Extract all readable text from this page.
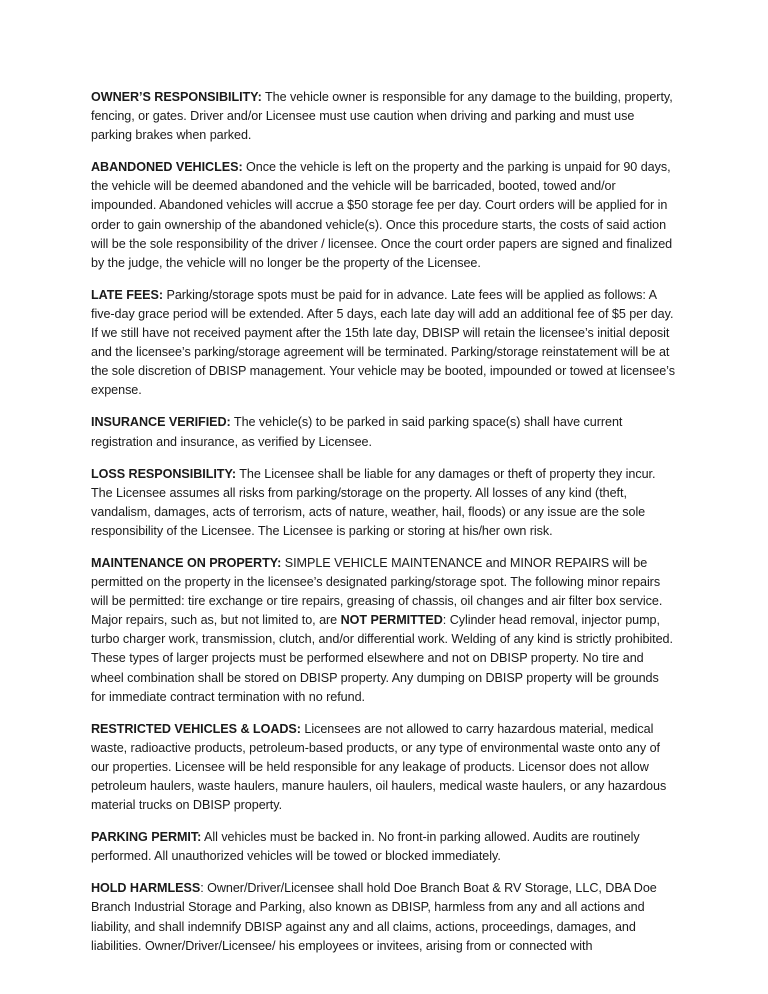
OWNER’S RESPONSIBILITY: The vehicle owner is responsible for any damage to the building, property, fencing, or gates. Driver and/or Licensee must use caution when driving and parking and must use parking brakes when parked.

ABANDONED VEHICLES: Once the vehicle is left on the property and the parking is unpaid for 90 days, the vehicle will be deemed abandoned and the vehicle will be barricaded, booted, towed and/or impounded. Abandoned vehicles will accrue a $50 storage fee per day. Court orders will be applied for in order to gain ownership of the abandoned vehicle(s). Once this procedure starts, the costs of said action will be the sole responsibility of the driver / licensee. Once the court order papers are signed and finalized by the judge, the vehicle will no longer be the property of the Licensee.

LATE FEES: Parking/storage spots must be paid for in advance. Late fees will be applied as follows: A five-day grace period will be extended. After 5 days, each late day will add an additional fee of $5 per day. If we still have not received payment after the 15th late day, DBISP will retain the licensee’s initial deposit and the licensee’s parking/storage agreement will be terminated. Parking/storage reinstatement will be at the sole discretion of DBISP management. Your vehicle may be booted, impounded or towed at licensee’s expense.

INSURANCE VERIFIED: The vehicle(s) to be parked in said parking space(s) shall have current registration and insurance, as verified by Licensee.

LOSS RESPONSIBILITY: The Licensee shall be liable for any damages or theft of property they incur. The Licensee assumes all risks from parking/storage on the property. All losses of any kind (theft, vandalism, damages, acts of terrorism, acts of nature, weather, hail, floods) or any issue are the sole responsibility of the Licensee. The Licensee is parking or storing at his/her own risk.

MAINTENANCE ON PROPERTY: SIMPLE VEHICLE MAINTENANCE and MINOR REPAIRS will be permitted on the property in the licensee’s designated parking/storage spot. The following minor repairs will be permitted: tire exchange or tire repairs, greasing of chassis, oil changes and air filter box service. Major repairs, such as, but not limited to, are NOT PERMITTED: Cylinder head removal, injector pump, turbo charger work, transmission, clutch, and/or differential work. Welding of any kind is strictly prohibited. These types of larger projects must be performed elsewhere and not on DBISP property. No tire and wheel combination shall be stored on DBISP property. Any dumping on DBISP property will be grounds for immediate contract termination with no refund.

RESTRICTED VEHICLES & LOADS: Licensees are not allowed to carry hazardous material, medical waste, radioactive products, petroleum-based products, or any type of environmental waste onto any of our properties. Licensee will be held responsible for any leakage of products. Licensor does not allow petroleum haulers, waste haulers, manure haulers, oil haulers, medical waste haulers, or any hazardous material trucks on DBISP property.

PARKING PERMIT: All vehicles must be backed in. No front-in parking allowed. Audits are routinely performed. All unauthorized vehicles will be towed or blocked immediately.

HOLD HARMLESS: Owner/Driver/Licensee shall hold Doe Branch Boat & RV Storage, LLC, DBA Doe Branch Industrial Storage and Parking, also known as DBISP, harmless from any and all actions and liability, and shall indemnify DBISP against any and all claims, actions, proceedings, damages, and liabilities. Owner/Driver/Licensee/ his employees or invitees, arising from or connected with
